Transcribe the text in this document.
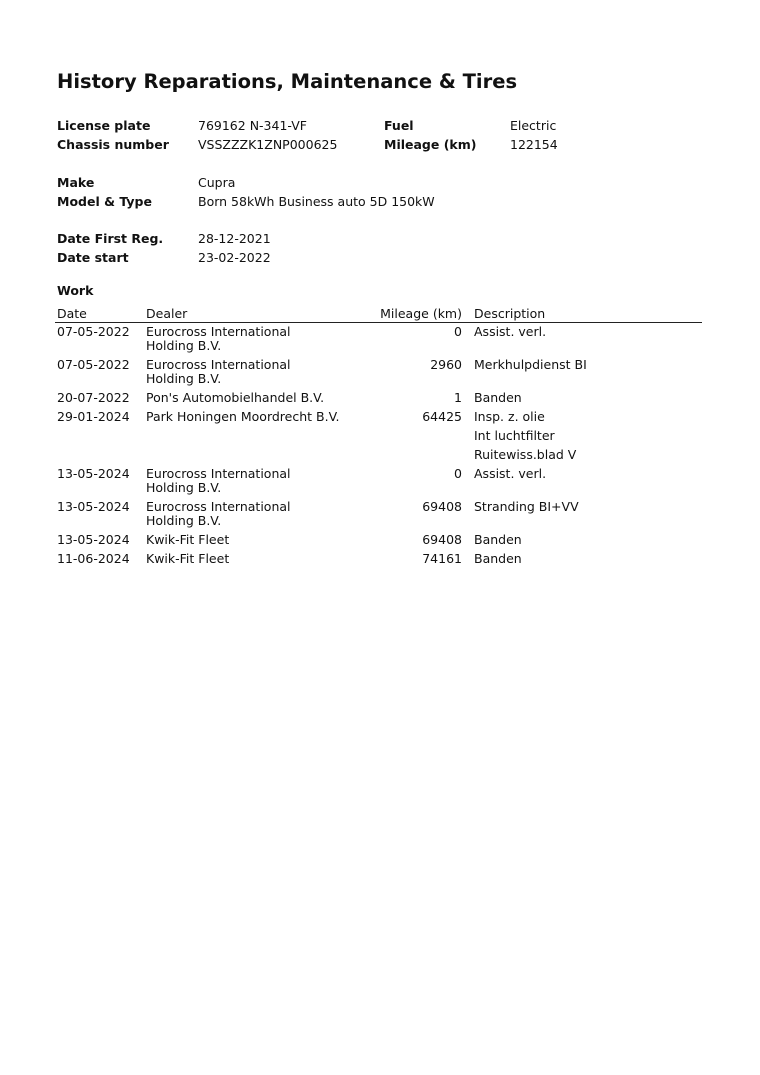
History Reparations, Maintenance & Tires
License plate	769162 N-341-VF	Fuel	Electric
Chassis number VSSZZZK1ZNP000625	Mileage (km)	122154
Make	Cupra
Model & Type	Born 58kWh Business auto 5D 150kW
Date First Reg.	28-12-2021
Date start	23-02-2022
Work
Date	Dealer	Mileage (km)	Description
07-05-2022	Eurocross International Holding B.V.	0	Assist. verl.

07-05-2022	Eurocross International Holding B.V.	2960	Merkhulpdienst BI

20-07-2022	Pon's Automobielhandel B.V.	1	Banden

29-01-2024	Park Honingen Moordrecht B.V.	64425	Insp. z. olie
Int luchtfilter
Ruitewiss.blad V

13-05-2024	Eurocross International Holding B.V.	0	Assist. verl.

13-05-2024	Eurocross International Holding B.V.	69408	Stranding BI+VV

13-05-2024	Kwik-Fit Fleet	69408	Banden

11-06-2024	Kwik-Fit Fleet	74161	Banden
